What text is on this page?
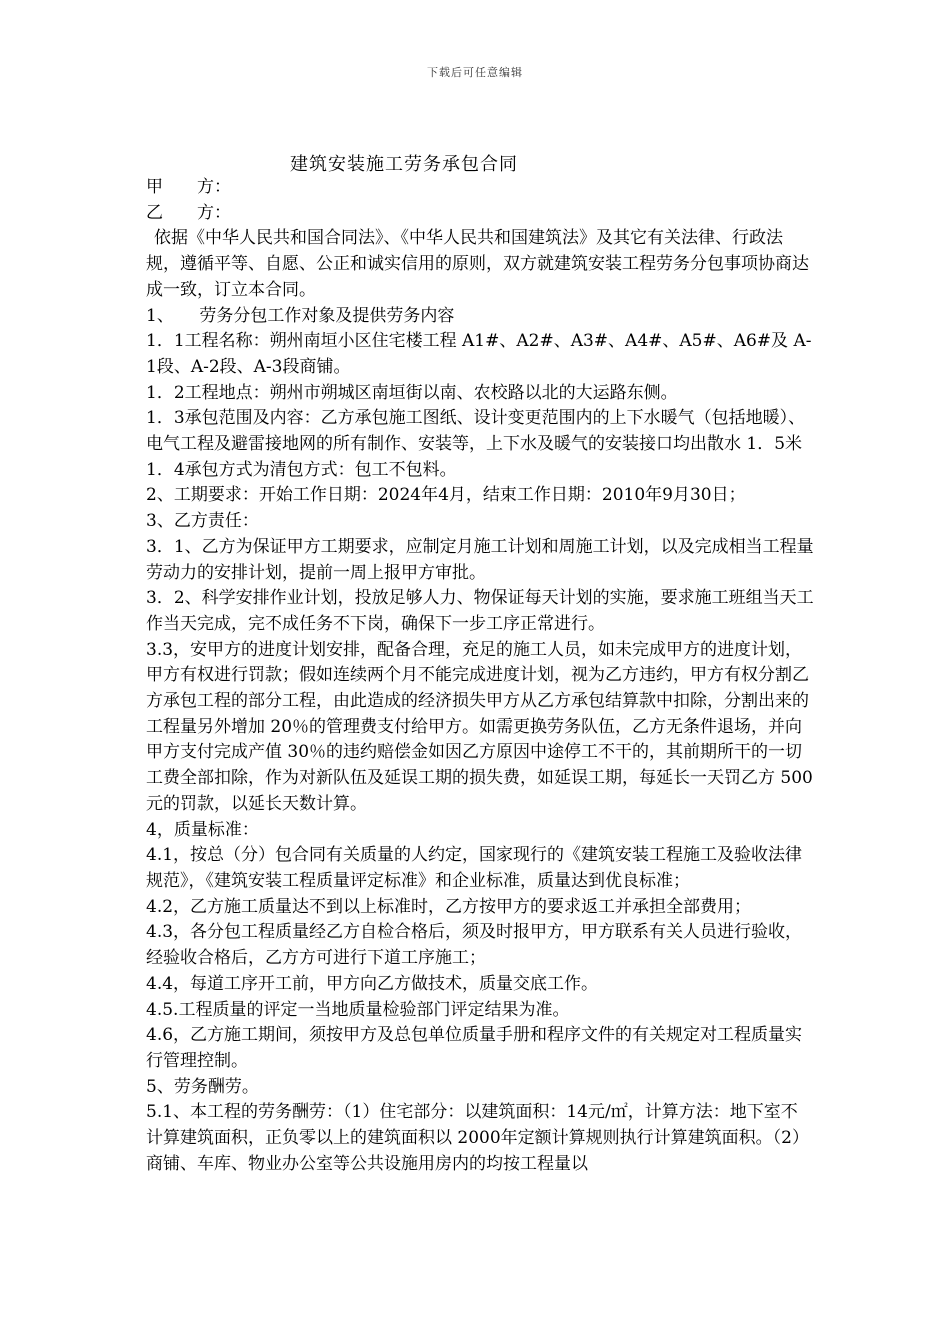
下载后可任意编辑
建筑安装施工劳务承包合同

甲　　方：

乙　　方：

依据《中华人民共和国合同法》、《中华人民共和国建筑法》及其它有关法律、行政法规，遵循平等、自愿、公正和诚实信用的原则，双方就建筑安装工程劳务分包事项协商达成一致，订立本合同。

1、　　劳务分包工作对象及提供劳务内容

1．1工程名称：朔州南垣小区住宅楼工程 A1#、A2#、A3#、A4#、A5#、A6#及 A-1段、A-2段、A-3段商铺。

1．2工程地点：朔州市朔城区南垣街以南、农校路以北的大运路东侧。

1．3承包范围及内容：乙方承包施工图纸、设计变更范围内的上下水暖气（包括地暖）、电气工程及避雷接地网的所有制作、安装等，上下水及暖气的安装接口均出散水 1．5米

1．4承包方式为清包方式：包工不包料。

2、工期要求：开始工作日期：2024年4月，结束工作日期：2010年9月30日；

3、乙方责任：

3．1、乙方为保证甲方工期要求，应制定月施工计划和周施工计划，以及完成相当工程量劳动力的安排计划，提前一周上报甲方审批。

3．2、科学安排作业计划，投放足够人力、物保证每天计划的实施，要求施工班组当天工作当天完成，完不成任务不下岗，确保下一步工序正常进行。

3.3，安甲方的进度计划安排，配备合理，充足的施工人员，如未完成甲方的进度计划，甲方有权进行罚款；假如连续两个月不能完成进度计划，视为乙方违约，甲方有权分割乙方承包工程的部分工程，由此造成的经济损失甲方从乙方承包结算款中扣除，分割出来的工程量另外增加 20％的管理费支付给甲方。如需更换劳务队伍，乙方无条件退场，并向甲方支付完成产值 30％的违约赔偿金如因乙方原因中途停工不干的，其前期所干的一切工费全部扣除，作为对新队伍及延误工期的损失费，如延误工期，每延长一天罚乙方 500元的罚款，以延长天数计算。

4，质量标准：

4.1，按总（分）包合同有关质量的人约定，国家现行的《建筑安装工程施工及验收法律规范》，《建筑安装工程质量评定标准》和企业标准，质量达到优良标准；

4.2，乙方施工质量达不到以上标准时，乙方按甲方的要求返工并承担全部费用；

4.3，各分包工程质量经乙方自检合格后，须及时报甲方，甲方联系有关人员进行验收，经验收合格后，乙方方可进行下道工序施工；

4.4，每道工序开工前，甲方向乙方做技术，质量交底工作。

4.5.工程质量的评定一当地质量检验部门评定结果为准。

4.6，乙方施工期间，须按甲方及总包单位质量手册和程序文件的有关规定对工程质量实行管理控制。

5、劳务酬劳。

5.1、本工程的劳务酬劳：（1）住宅部分：以建筑面积：14元/㎡，计算方法：地下室不计算建筑面积，正负零以上的建筑面积以 2000年定额计算规则执行计算建筑面积。（2）商铺、车库、物业办公室等公共设施用房内的均按工程量以
